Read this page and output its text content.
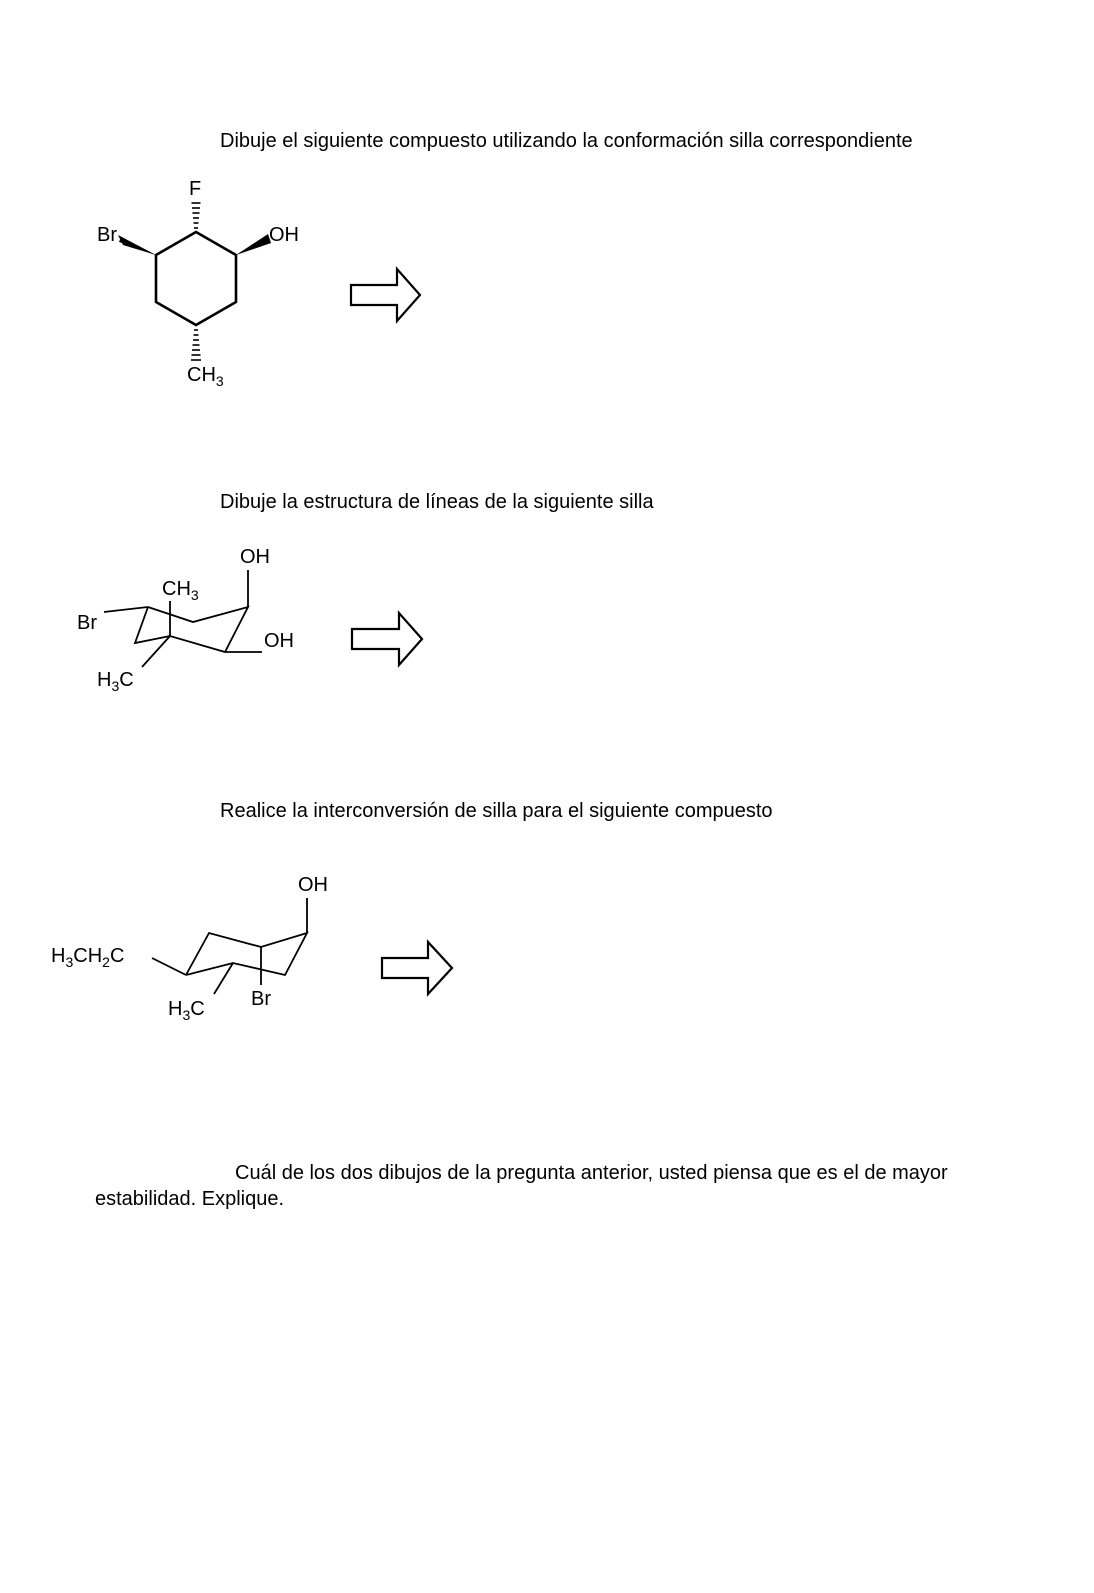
Dibuje el siguiente compuesto utilizando la conformación silla correspondiente

Dibuje la estructura de líneas de la siguiente silla

Realice la interconversión de silla para el siguiente compuesto

Cuál de los dos dibujos de la pregunta anterior, usted piensa que es el de mayor
estabilidad. Explique.
Br
F
OH
$CH_3$
Br
$CH_3$
OH
OH
$H_3C$
OH
$H_3CH_2C$
$H_3C$ Br
